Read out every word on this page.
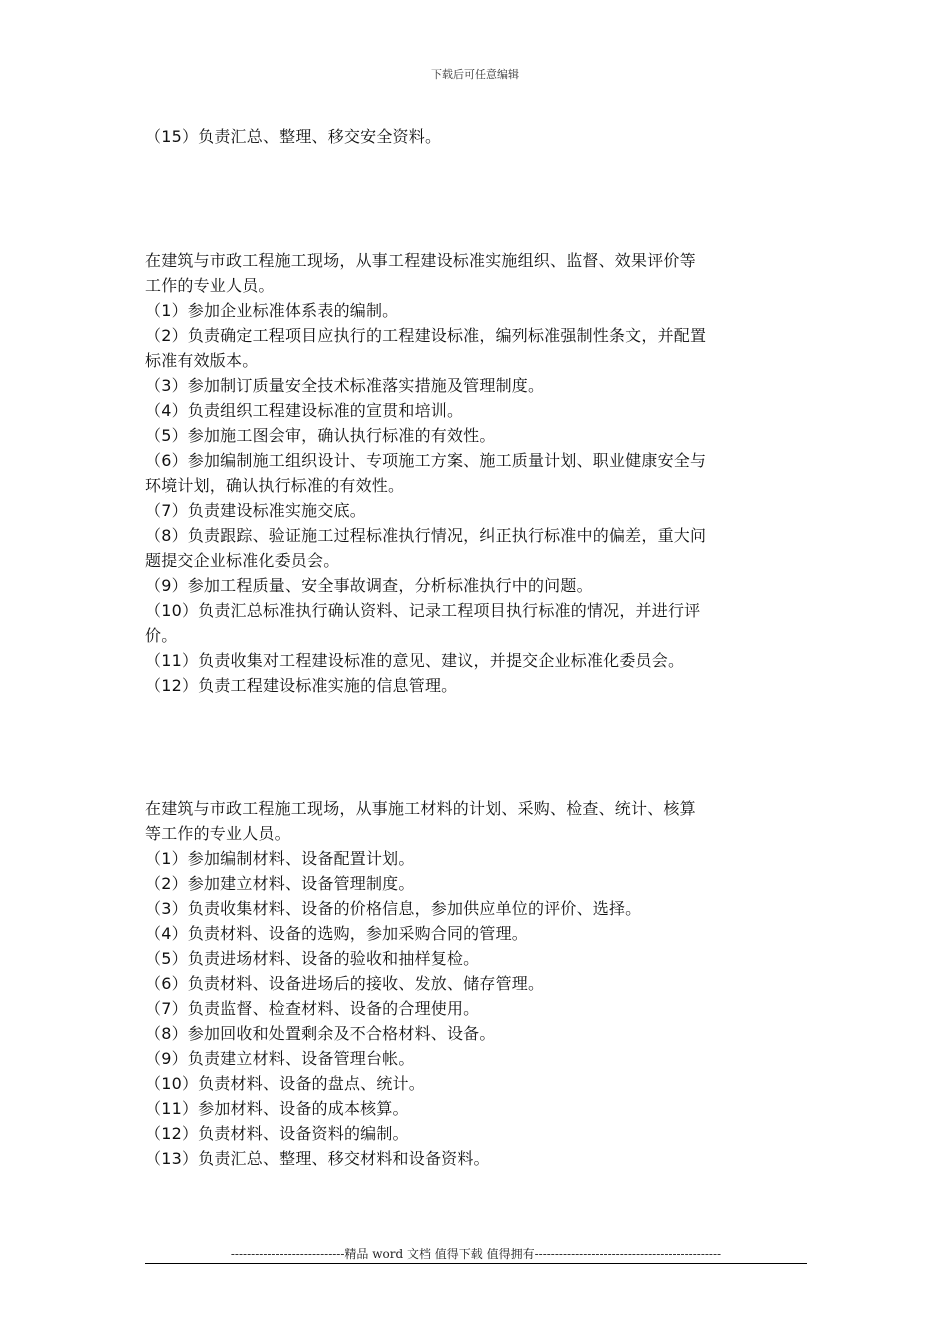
下载后可任意编辑
（15）负责汇总、整理、移交安全资料。
在建筑与市政工程施工现场，从事工程建设标准实施组织、监督、效果评价等
工作的专业人员。
（1）参加企业标准体系表的编制。
（2）负责确定工程项目应执行的工程建设标准，编列标准强制性条文，并配置
标准有效版本。
（3）参加制订质量安全技术标准落实措施及管理制度。
（4）负责组织工程建设标准的宣贯和培训。
（5）参加施工图会审，确认执行标准的有效性。
（6）参加编制施工组织设计、专项施工方案、施工质量计划、职业健康安全与
环境计划，确认执行标准的有效性。
（7）负责建设标准实施交底。
（8）负责跟踪、验证施工过程标准执行情况，纠正执行标准中的偏差，重大问
题提交企业标准化委员会。
（9）参加工程质量、安全事故调查，分析标准执行中的问题。
（10）负责汇总标准执行确认资料、记录工程项目执行标准的情况，并进行评
价。
（11）负责收集对工程建设标准的意见、建议，并提交企业标准化委员会。
（12）负责工程建设标准实施的信息管理。
在建筑与市政工程施工现场，从事施工材料的计划、采购、检查、统计、核算
等工作的专业人员。
（1）参加编制材料、设备配置计划。
（2）参加建立材料、设备管理制度。
（3）负责收集材料、设备的价格信息，参加供应单位的评价、选择。
（4）负责材料、设备的选购，参加采购合同的管理。
（5）负责进场材料、设备的验收和抽样复检。
（6）负责材料、设备进场后的接收、发放、储存管理。
（7）负责监督、检查材料、设备的合理使用。
（8）参加回收和处置剩余及不合格材料、设备。
（9）负责建立材料、设备管理台帐。
（10）负责材料、设备的盘点、统计。
（11）参加材料、设备的成本核算。
（12）负责材料、设备资料的编制。
（13）负责汇总、整理、移交材料和设备资料。
----------------------------精品 word 文档 值得下载 值得拥有----------------------------------------------
